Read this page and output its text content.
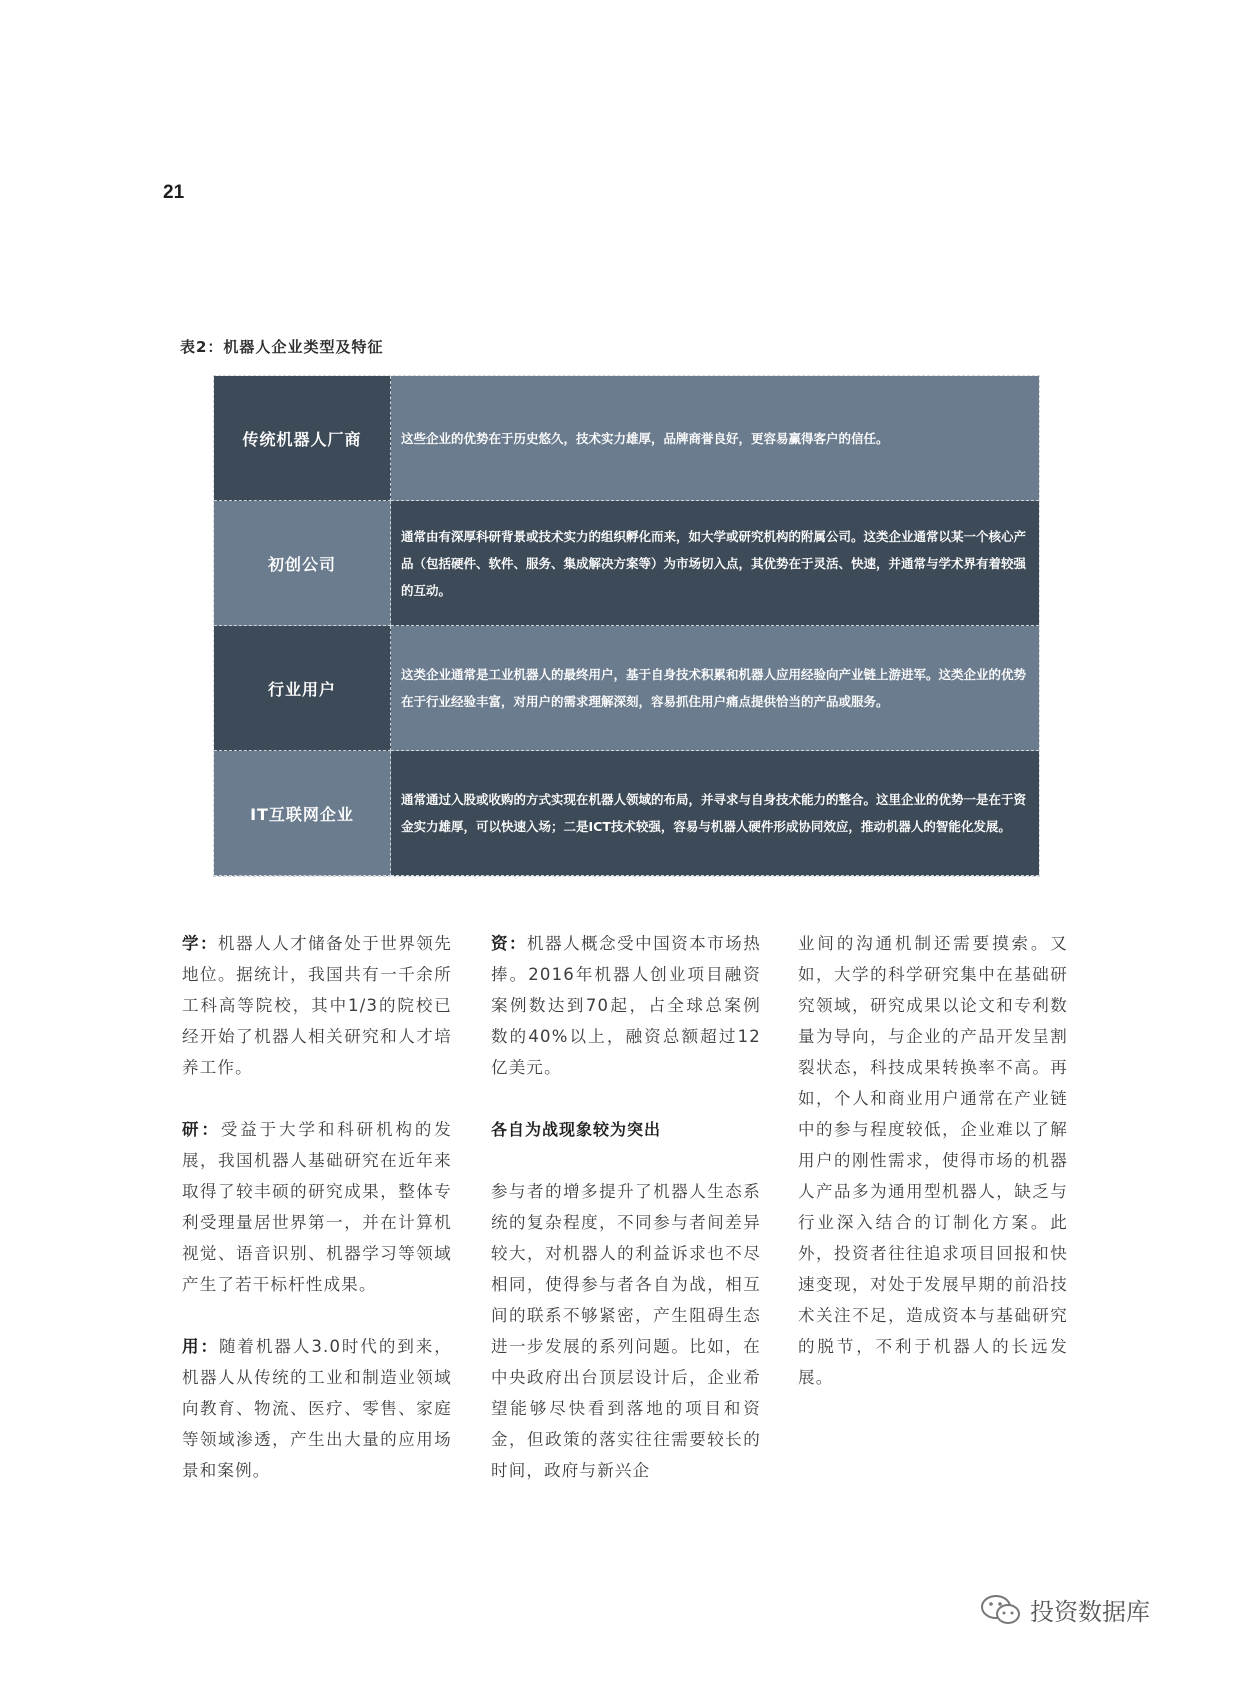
21
表2：机器人企业类型及特征
传统机器人厂商	这些企业的优势在于历史悠久，技术实力雄厚，品牌商誉良好，更容易赢得客户的信任。
初创公司
通常由有深厚科研背景或技术实力的组织孵化而来，如大学或研究机构的附属公司。这类企业通常以某一个核心产品（包括硬件、软件、服务、集成解决方案等）为市场切入点，其优势在于灵活、快速，并通常与学术界有着较强的互动。
行业用户
这类企业通常是工业机器人的最终用户，基于自身技术积累和机器人应用经验向产业链上游进军。这类企业的优势在于行业经验丰富，对用户的需求理解深刻，容易抓住用户痛点提供恰当的产品或服务。
IT互联网企业
通常通过入股或收购的方式实现在机器人领域的布局，并寻求与自身技术能力的整合。这里企业的优势一是在于资金实力雄厚，可以快速入场；二是ICT技术较强，容易与机器人硬件形成协同效应，推动机器人的智能化发展。

学：机器人人才储备处于世界领先地位。据统计，我国共有一千余所工科高等院校，其中1/3的院校已经开始了机器人相关研究和人才培养工作。

研：受益于大学和科研机构的发展，我国机器人基础研究在近年来取得了较丰硕的研究成果，整体专利受理量居世界第一，并在计算机视觉、语音识别、机器学习等领域产生了若干标杆性成果。

用：随着机器人3.0时代的到来，机器人从传统的工业和制造业领域向教育、物流、医疗、零售、家庭等领域渗透，产生出大量的应用场景和案例。

资：机器人概念受中国资本市场热捧。2016年机器人创业项目融资案例数达到70起，占全球总案例数的40%以上，融资总额超过12亿美元。

各自为战现象较为突出

参与者的增多提升了机器人生态系统的复杂程度，不同参与者间差异较大，对机器人的利益诉求也不尽相同，使得参与者各自为战，相互间的联系不够紧密，产生阻碍生态进一步发展的系列问题。比如，在中央政府出台顶层设计后，企业希望能够尽快看到落地的项目和资金，但政策的落实往往需要较长的时间，政府与新兴企

业间的沟通机制还需要摸索。又如，大学的科学研究集中在基础研究领域，研究成果以论文和专利数量为导向，与企业的产品开发呈割裂状态，科技成果转换率不高。再如，个人和商业用户通常在产业链中的参与程度较低，企业难以了解用户的刚性需求，使得市场的机器人产品多为通用型机器人，缺乏与行业深入结合的订制化方案。此外，投资者往往追求项目回报和快速变现，对处于发展早期的前沿技术关注不足，造成资本与基础研究的脱节，不利于机器人的长远发展。

投资数据库
